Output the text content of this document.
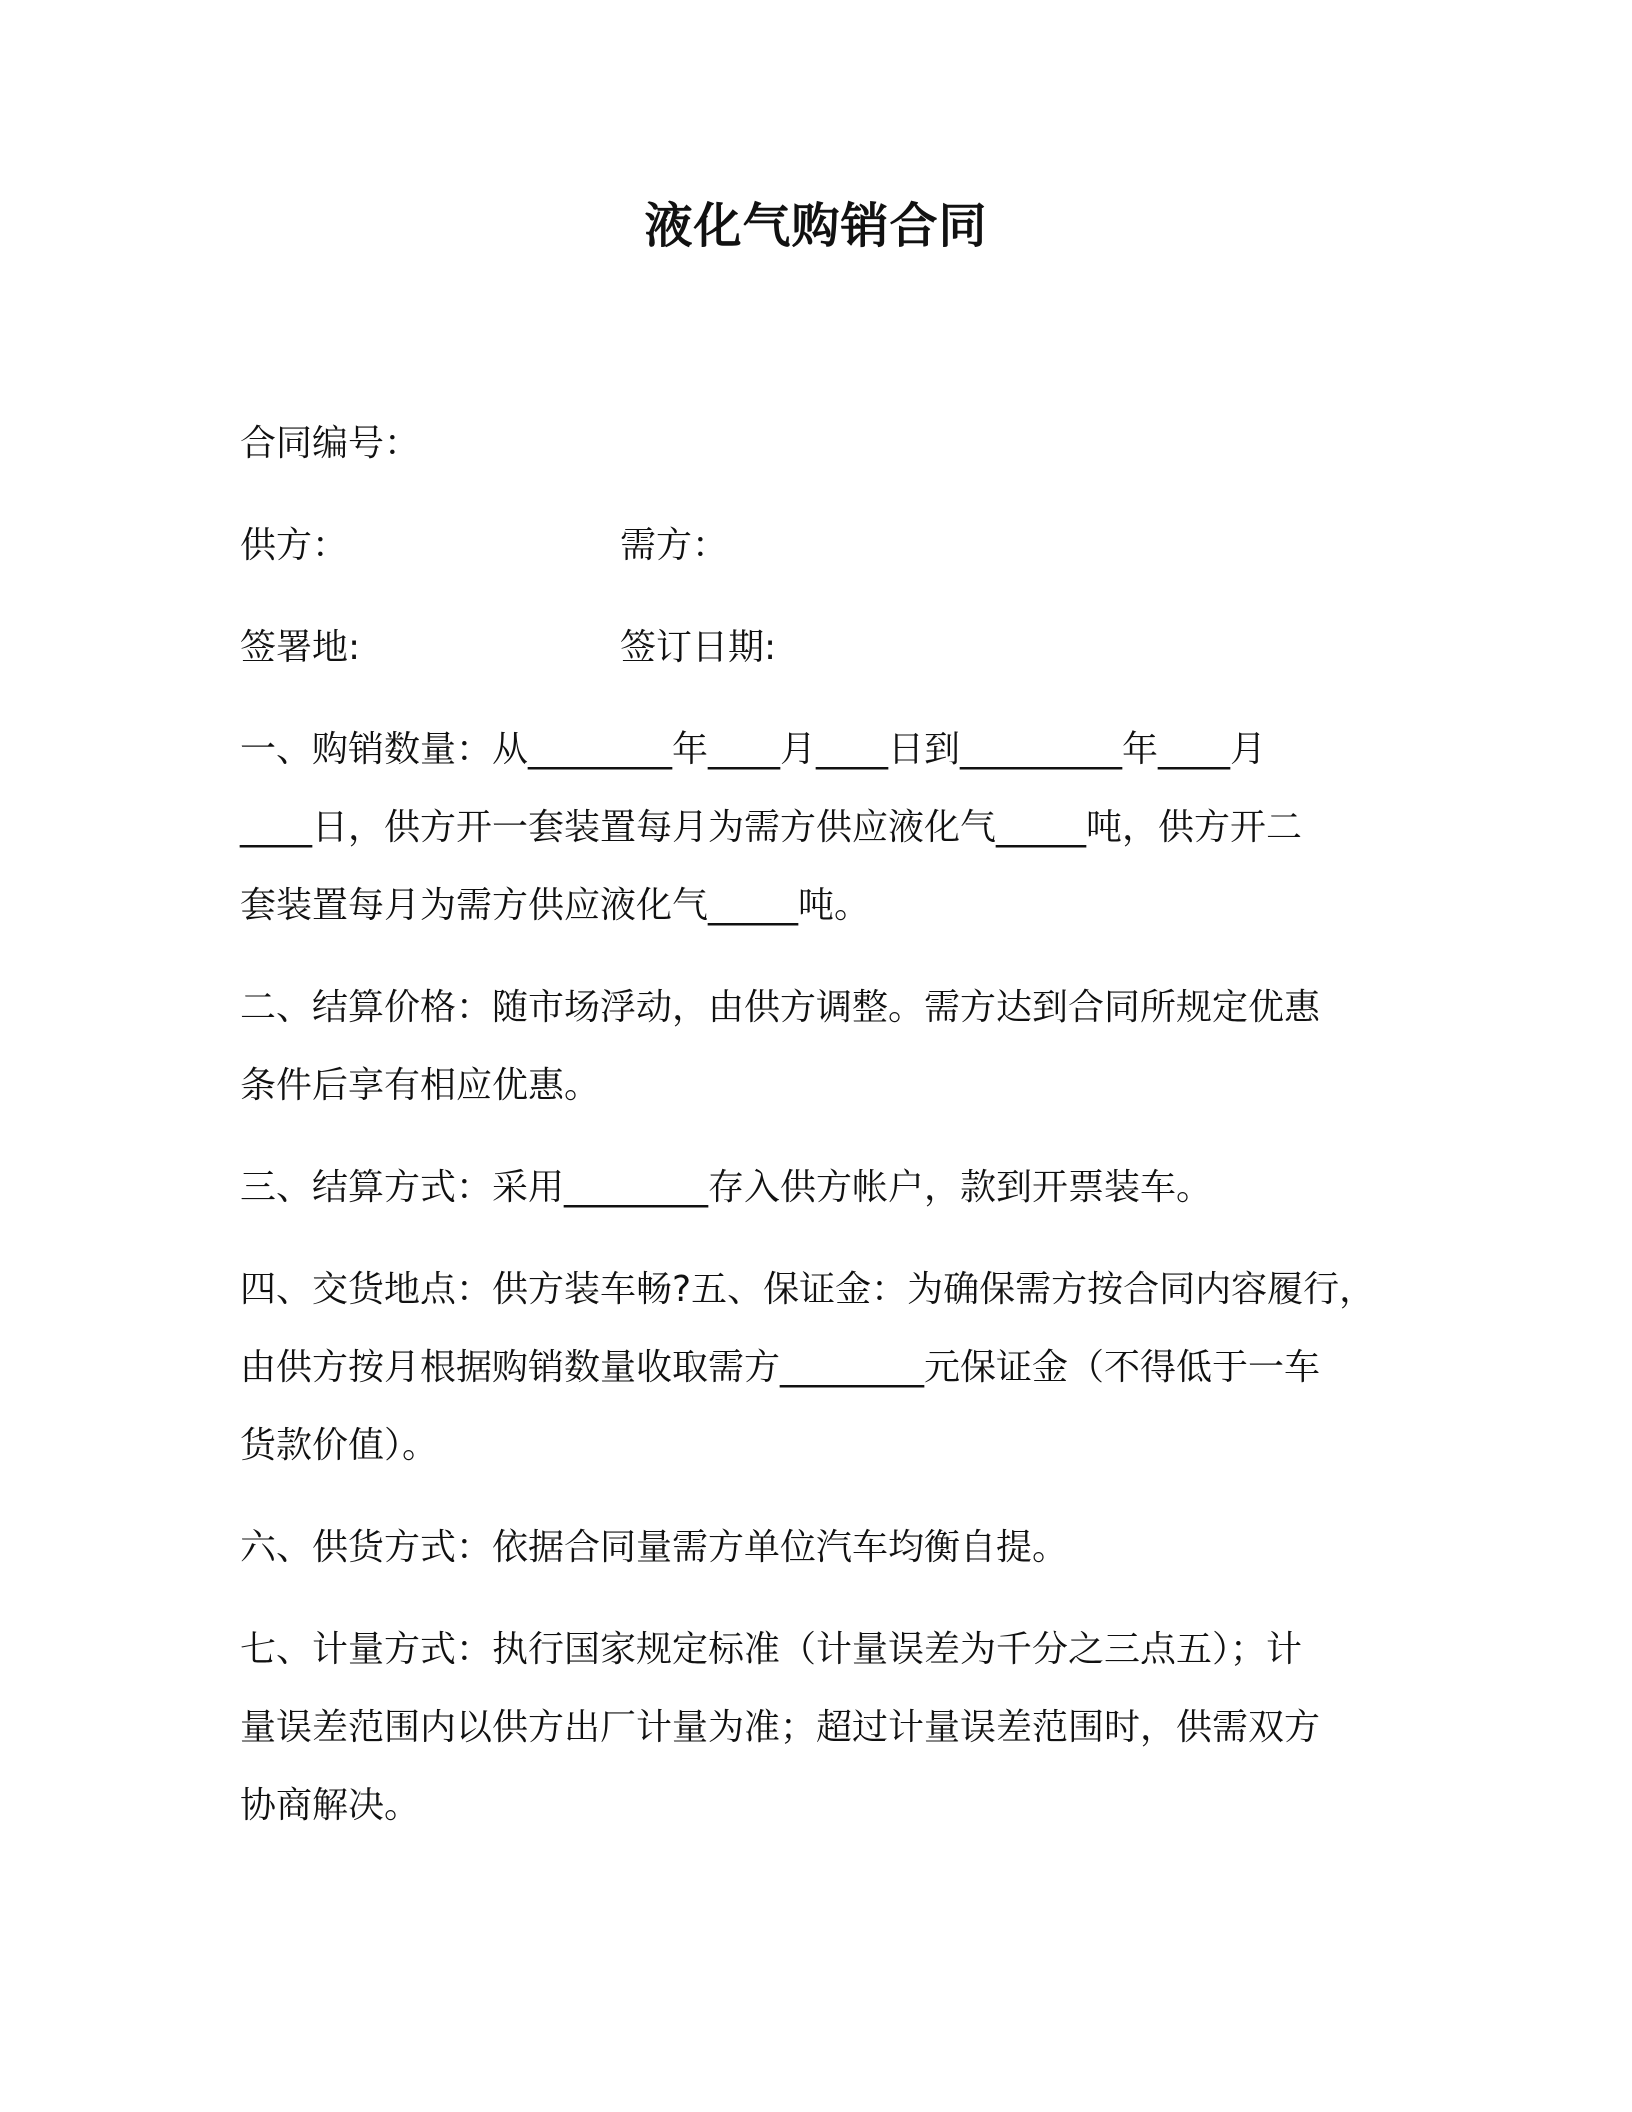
液化气购销合同
合同编号：
供方：	需方：
签署地:	签订日期:
一、购销数量：从________年____月____日到_________年____月
____日，供方开一套装置每月为需方供应液化气_____吨，供方开二
套装置每月为需方供应液化气_____吨。
二、结算价格：随市场浮动，由供方调整。需方达到合同所规定优惠
条件后享有相应优惠。
三、结算方式：采用________存入供方帐户，款到开票装车。
四、交货地点：供方装车畅?五、保证金：为确保需方按合同内容履行，
由供方按月根据购销数量收取需方________元保证金（不得低于一车
货款价值）。
六、供货方式：依据合同量需方单位汽车均衡自提。
七、计量方式：执行国家规定标准（计量误差为千分之三点五）；计
量误差范围内以供方出厂计量为准；超过计量误差范围时，供需双方
协商解决。
